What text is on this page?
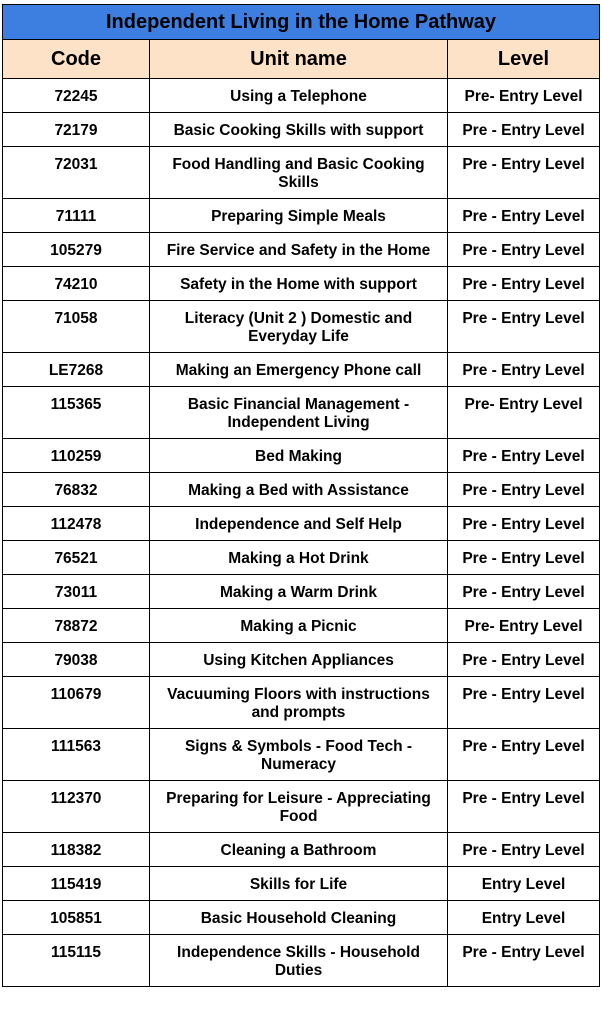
Independent Living in the Home Pathway		
Code	Unit name	Level
72245	Using a Telephone	Pre- Entry Level
72179	Basic Cooking Skills with support	Pre - Entry Level
72031	Food Handling and Basic Cooking Skills	Pre - Entry Level
71111	Preparing Simple Meals	Pre - Entry Level
105279	Fire Service and Safety in the Home	Pre - Entry Level
74210	Safety in the Home with support	Pre - Entry Level
71058	Literacy (Unit 2 ) Domestic and Everyday Life	Pre - Entry Level
LE7268	Making an Emergency Phone call	Pre - Entry Level
115365	Basic Financial Management - Independent Living	Pre- Entry Level
110259	Bed Making	Pre - Entry Level
76832	Making a Bed with Assistance	Pre - Entry Level
112478	Independence and Self Help	Pre - Entry Level
76521	Making a Hot Drink	Pre - Entry Level
73011	Making a Warm Drink	Pre - Entry Level
78872	Making a Picnic	Pre- Entry Level
79038	Using Kitchen Appliances	Pre - Entry Level
110679	Vacuuming Floors with instructions and prompts	Pre - Entry Level
111563	Signs & Symbols - Food Tech - Numeracy	Pre - Entry Level
112370	Preparing for Leisure - Appreciating Food	Pre - Entry Level
118382	Cleaning a Bathroom	Pre - Entry Level
115419	Skills for Life	Entry Level
105851	Basic Household Cleaning	Entry Level
115115	Independence Skills - Household Duties	Pre - Entry Level
